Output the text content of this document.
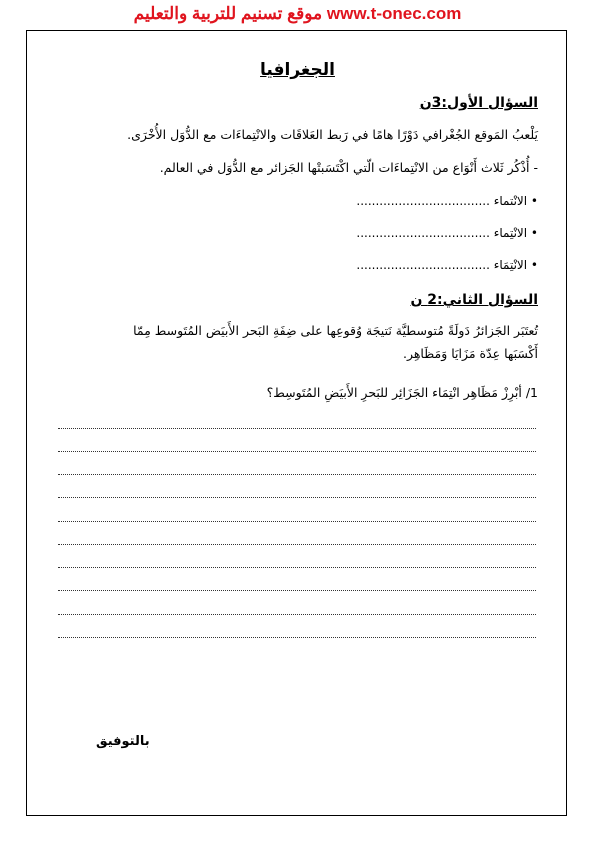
موقع تسنيم للتربية والتعليم www.t-onec.com
الجغرافيا
السؤال الأول:3ن
يَلْعبُ المَوقع الجُغْرافي دَوْرًا هامًا في رَبط العَلاقَات والانْتِماءَات مع الدُّوَل الأُخْرَى.
- أُذْكُر ثَلاث أَنْوَاع من الانْتِماءَات الّتي اكْتَسَبتْها الجَزائر مع الدُّوَل في العالم.
• الانْتماء ...................................
• الانْتِماء ...................................
• الانْتِمَاء ...................................
السؤال الثاني:2 ن
تُعتَبَر الجَزائرُ دَولَةً مُتوسطيَّة نَتيجَة وُقوعِها على ضِفَةِ البَحر الأَبيَض المُتَوسط مِمّا
أَكْسَبَها عِدّة مَزَايَا وَمَظَاهِر.
1/ أبْرِزْ مَظَاهِر انْتِمَاء الجَزَائِر للبَحرِ الأَبيَضِ المُتَوسِط؟
بالتوفيق
